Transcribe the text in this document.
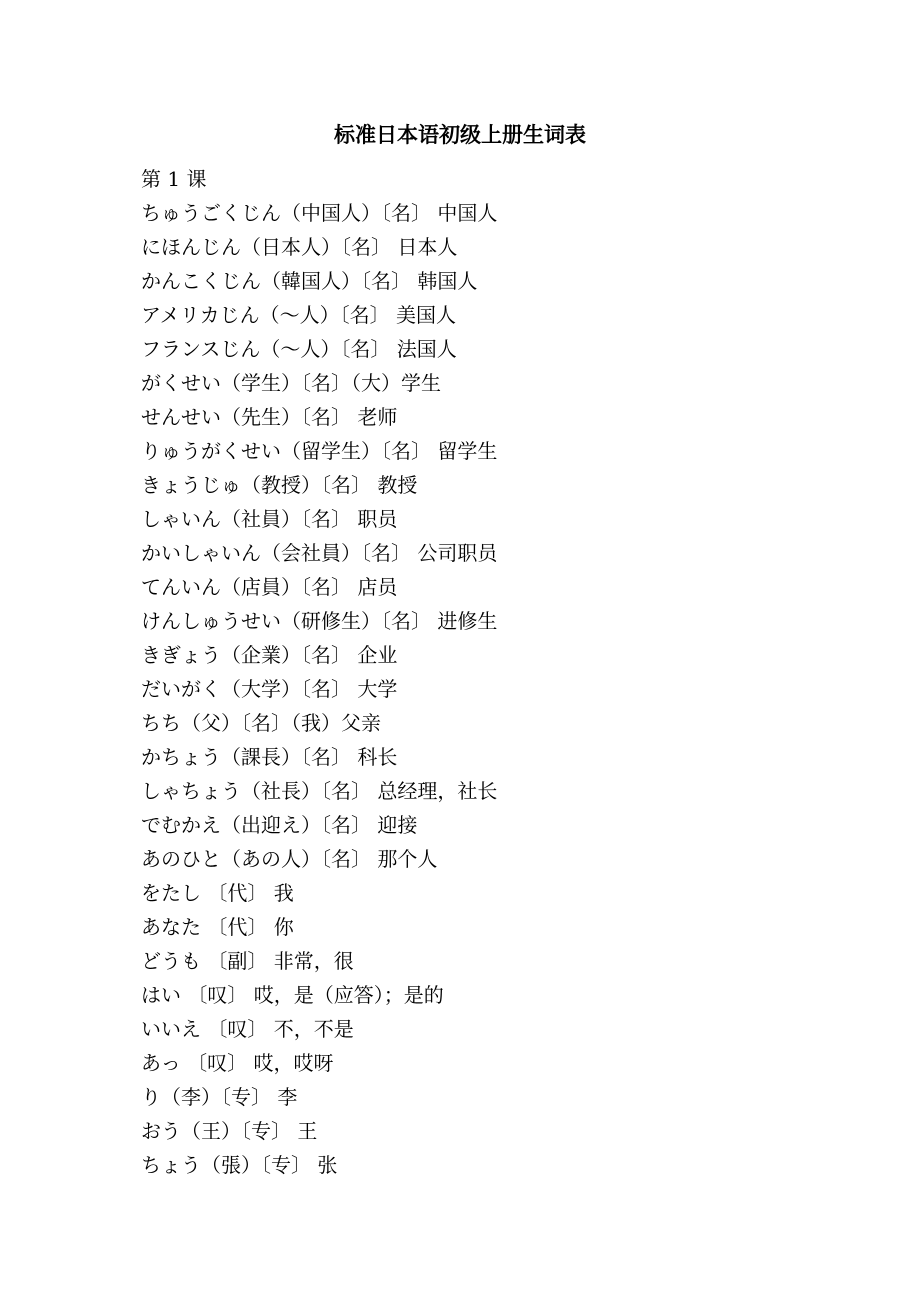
标准日本语初级上册生词表
第 1 课
ちゅうごくじん（中国人）〔名〕 中国人
にほんじん（日本人）〔名〕 日本人
かんこくじん（韓国人）〔名〕 韩国人
アメリカじん（～人）〔名〕 美国人
フランスじん（～人）〔名〕 法国人
がくせい（学生）〔名〕（大）学生
せんせい（先生）〔名〕 老师
りゅうがくせい（留学生）〔名〕 留学生
きょうじゅ（教授）〔名〕 教授
しゃいん（社員）〔名〕 职员
かいしゃいん（会社員）〔名〕 公司职员
てんいん（店員）〔名〕 店员
けんしゅうせい（研修生）〔名〕 进修生
きぎょう（企業）〔名〕 企业
だいがく（大学）〔名〕 大学
ちち（父）〔名〕（我）父亲
かちょう（課長）〔名〕 科长
しゃちょう（社長）〔名〕 总经理，社长
でむかえ（出迎え）〔名〕 迎接
あのひと（あの人）〔名〕 那个人
をたし 〔代〕 我
あなた 〔代〕 你
どうも 〔副〕 非常，很
はい 〔叹〕 哎，是（应答）；是的
いいえ 〔叹〕 不，不是
あっ 〔叹〕 哎，哎呀
り（李）〔专〕 李
おう（王）〔专〕 王
ちょう（張）〔专〕 张
